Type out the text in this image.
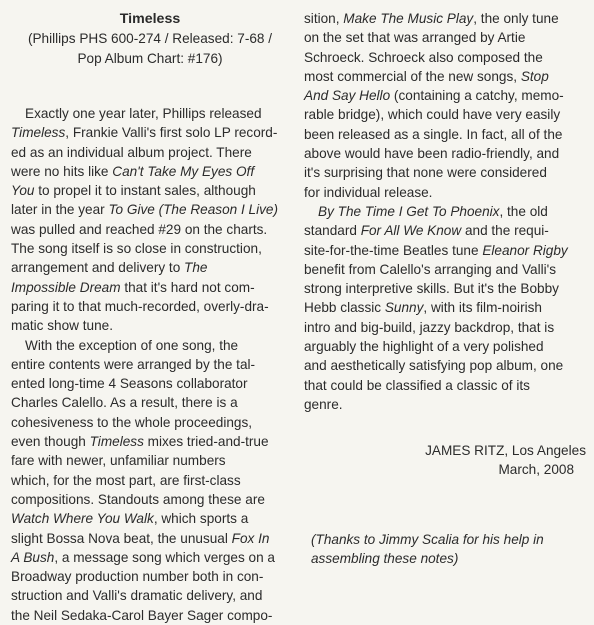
Timeless
(Phillips PHS 600-274 / Released: 7-68 /
Pop Album Chart: #176)
Exactly one year later, Phillips released
Timeless, Frankie Valli's first solo LP record-
ed as an individual album project. There
were no hits like Can't Take My Eyes Off
You to propel it to instant sales, although
later in the year To Give (The Reason I Live)
was pulled and reached #29 on the charts.
The song itself is so close in construction,
arrangement and delivery to The
Impossible Dream that it's hard not com-
paring it to that much-recorded, overly-dra-
matic show tune.
With the exception of one song, the
entire contents were arranged by the tal-
ented long-time 4 Seasons collaborator
Charles Calello. As a result, there is a
cohesiveness to the whole proceedings,
even though Timeless mixes tried-and-true
fare with newer, unfamiliar numbers
which, for the most part, are first-class
compositions. Standouts among these are
Watch Where You Walk, which sports a
slight Bossa Nova beat, the unusual Fox In
A Bush, a message song which verges on a
Broadway production number both in con-
struction and Valli's dramatic delivery, and
the Neil Sedaka-Carol Bayer Sager compo-
sition, Make The Music Play, the only tune
on the set that was arranged by Artie
Schroeck. Schroeck also composed the
most commercial of the new songs, Stop
And Say Hello (containing a catchy, memo-
rable bridge), which could have very easily
been released as a single. In fact, all of the
above would have been radio-friendly, and
it's surprising that none were considered
for individual release.
By The Time I Get To Phoenix, the old
standard For All We Know and the requi-
site-for-the-time Beatles tune Eleanor Rigby
benefit from Calello's arranging and Valli's
strong interpretive skills. But it's the Bobby
Hebb classic Sunny, with its film-noirish
intro and big-build, jazzy backdrop, that is
arguably the highlight of a very polished
and aesthetically satisfying pop album, one
that could be classified a classic of its
genre.
JAMES RITZ, Los Angeles
March, 2008
(Thanks to Jimmy Scalia for his help in
assembling these notes)
